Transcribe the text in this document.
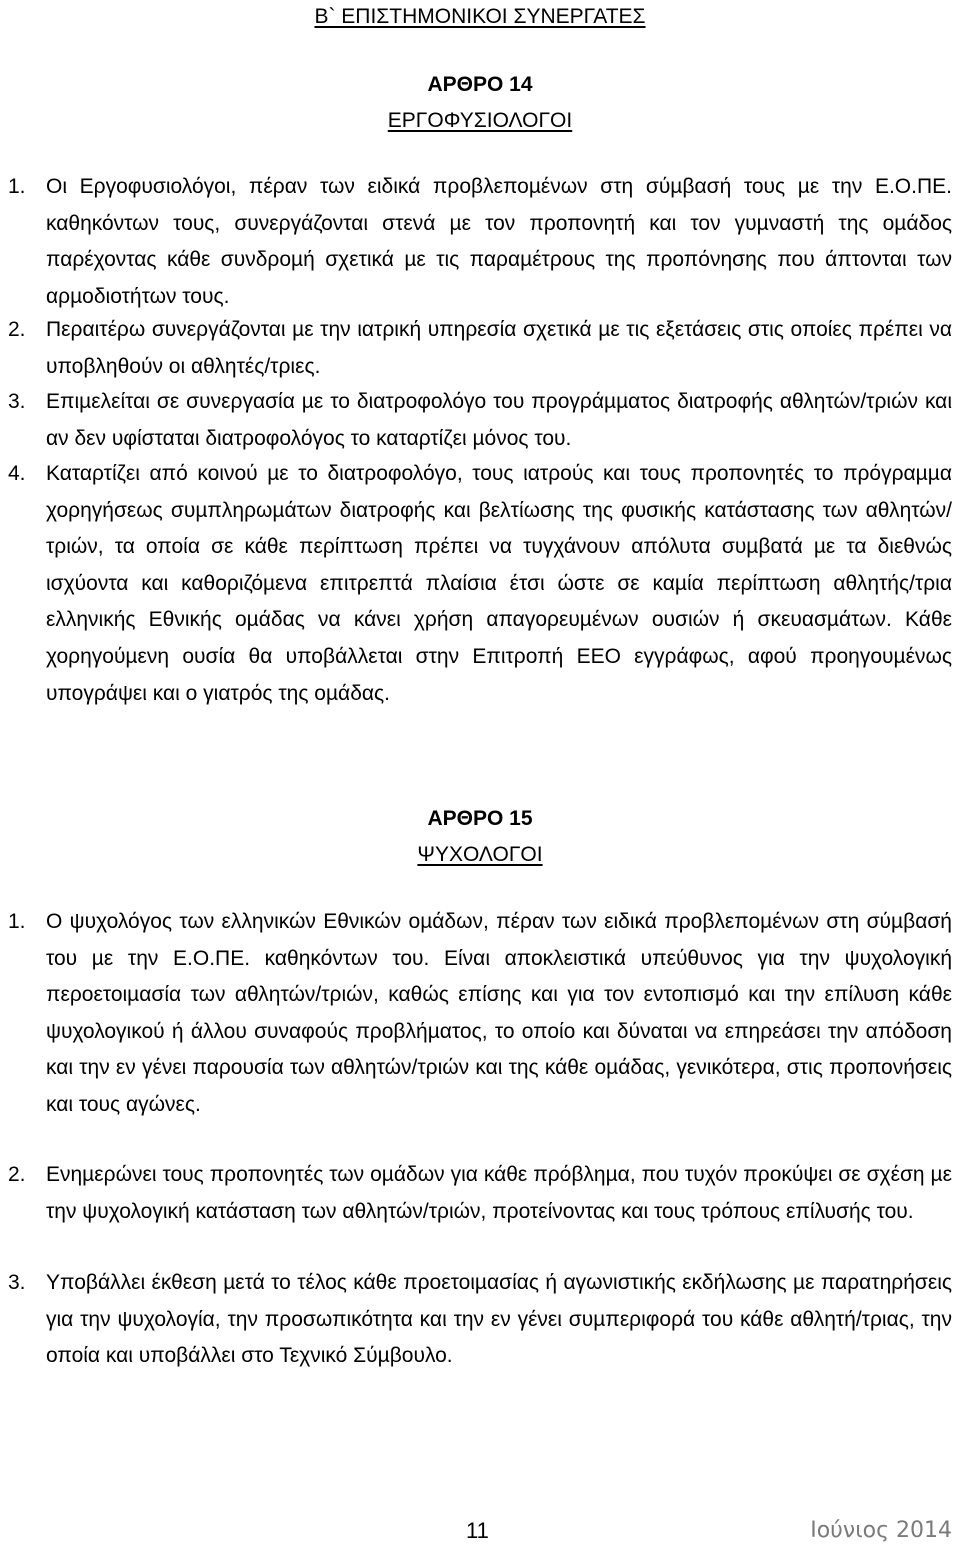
Β` ΕΠΙΣΤΗΜΟΝΙΚΟΙ ΣΥΝΕΡΓΑΤΕΣ
ΑΡΘΡΟ 14
ΕΡΓΟΦΥΣΙΟΛΟΓΟΙ
1. Οι Εργοφυσιολόγοι, πέραν των ειδικά προβλεποµένων στη σύµβασή τους µε την Ε.Ο.ΠΕ. καθηκόντων τους, συνεργάζονται στενά µε τον προπονητή και τον γυµναστή της οµάδος παρέχοντας κάθε συνδροµή σχετικά µε τις παραµέτρους της προπόνησης που άπτονται των αρµοδιοτήτων τους.
2. Περαιτέρω συνεργάζονται µε την ιατρική υπηρεσία σχετικά µε τις εξετάσεις στις οποίες πρέπει να υποβληθούν οι αθλητές/τριες.
3. Επιµελείται σε συνεργασία µε το διατροφολόγο του προγράµµατος διατροφής αθλητών/τριών και αν δεν υφίσταται διατροφολόγος το καταρτίζει µόνος του.
4. Καταρτίζει από κοινού µε το διατροφολόγο, τους ιατρούς και τους προπονητές το πρόγραµµα χορηγήσεως συµπληρωµάτων διατροφής και βελτίωσης της φυσικής κατάστασης των αθλητών/τριών, τα οποία σε κάθε περίπτωση πρέπει να τυγχάνουν απόλυτα συµβατά µε τα διεθνώς ισχύοντα και καθοριζόµενα επιτρεπτά πλαίσια έτσι ώστε σε καµία περίπτωση αθλητής/τρια ελληνικής Εθνικής οµάδας να κάνει χρήση απαγορευµένων ουσιών ή σκευασµάτων. Κάθε χορηγούµενη ουσία θα υποβάλλεται στην Επιτροπή ΕΕΟ εγγράφως, αφού προηγουµένως υπογράψει και ο γιατρός της οµάδας.
ΑΡΘΡΟ 15
ΨΥΧΟΛΟΓΟΙ
1. Ο ψυχολόγος των ελληνικών Εθνικών οµάδων, πέραν των ειδικά προβλεποµένων στη σύµβασή του µε την Ε.Ο.ΠΕ. καθηκόντων του. Είναι αποκλειστικά υπεύθυνος για την ψυχολογική περοετοιµασία των αθλητών/τριών, καθώς επίσης και για τον εντοπισµό και την επίλυση κάθε ψυχολογικού ή άλλου συναφούς προβλήµατος, το οποίο και δύναται να επηρεάσει την απόδοση και την εν γένει παρουσία των αθλητών/τριών και της κάθε οµάδας, γενικότερα, στις προπονήσεις και τους αγώνες.
2. Ενηµερώνει τους προπονητές των οµάδων για κάθε πρόβληµα, που τυχόν προκύψει σε σχέση µε την ψυχολογική κατάσταση των αθλητών/τριών, προτείνοντας και τους τρόπους επίλυσής του.
3. Υποβάλλει έκθεση µετά το τέλος κάθε προετοιµασίας ή αγωνιστικής εκδήλωσης µε παρατηρήσεις για την ψυχολογία, την προσωπικότητα και την εν γένει συµπεριφορά του κάθε αθλητή/τριας, την οποία και υποβάλλει στο Τεχνικό Σύµβουλο.
11	Ιούνιος 2014
